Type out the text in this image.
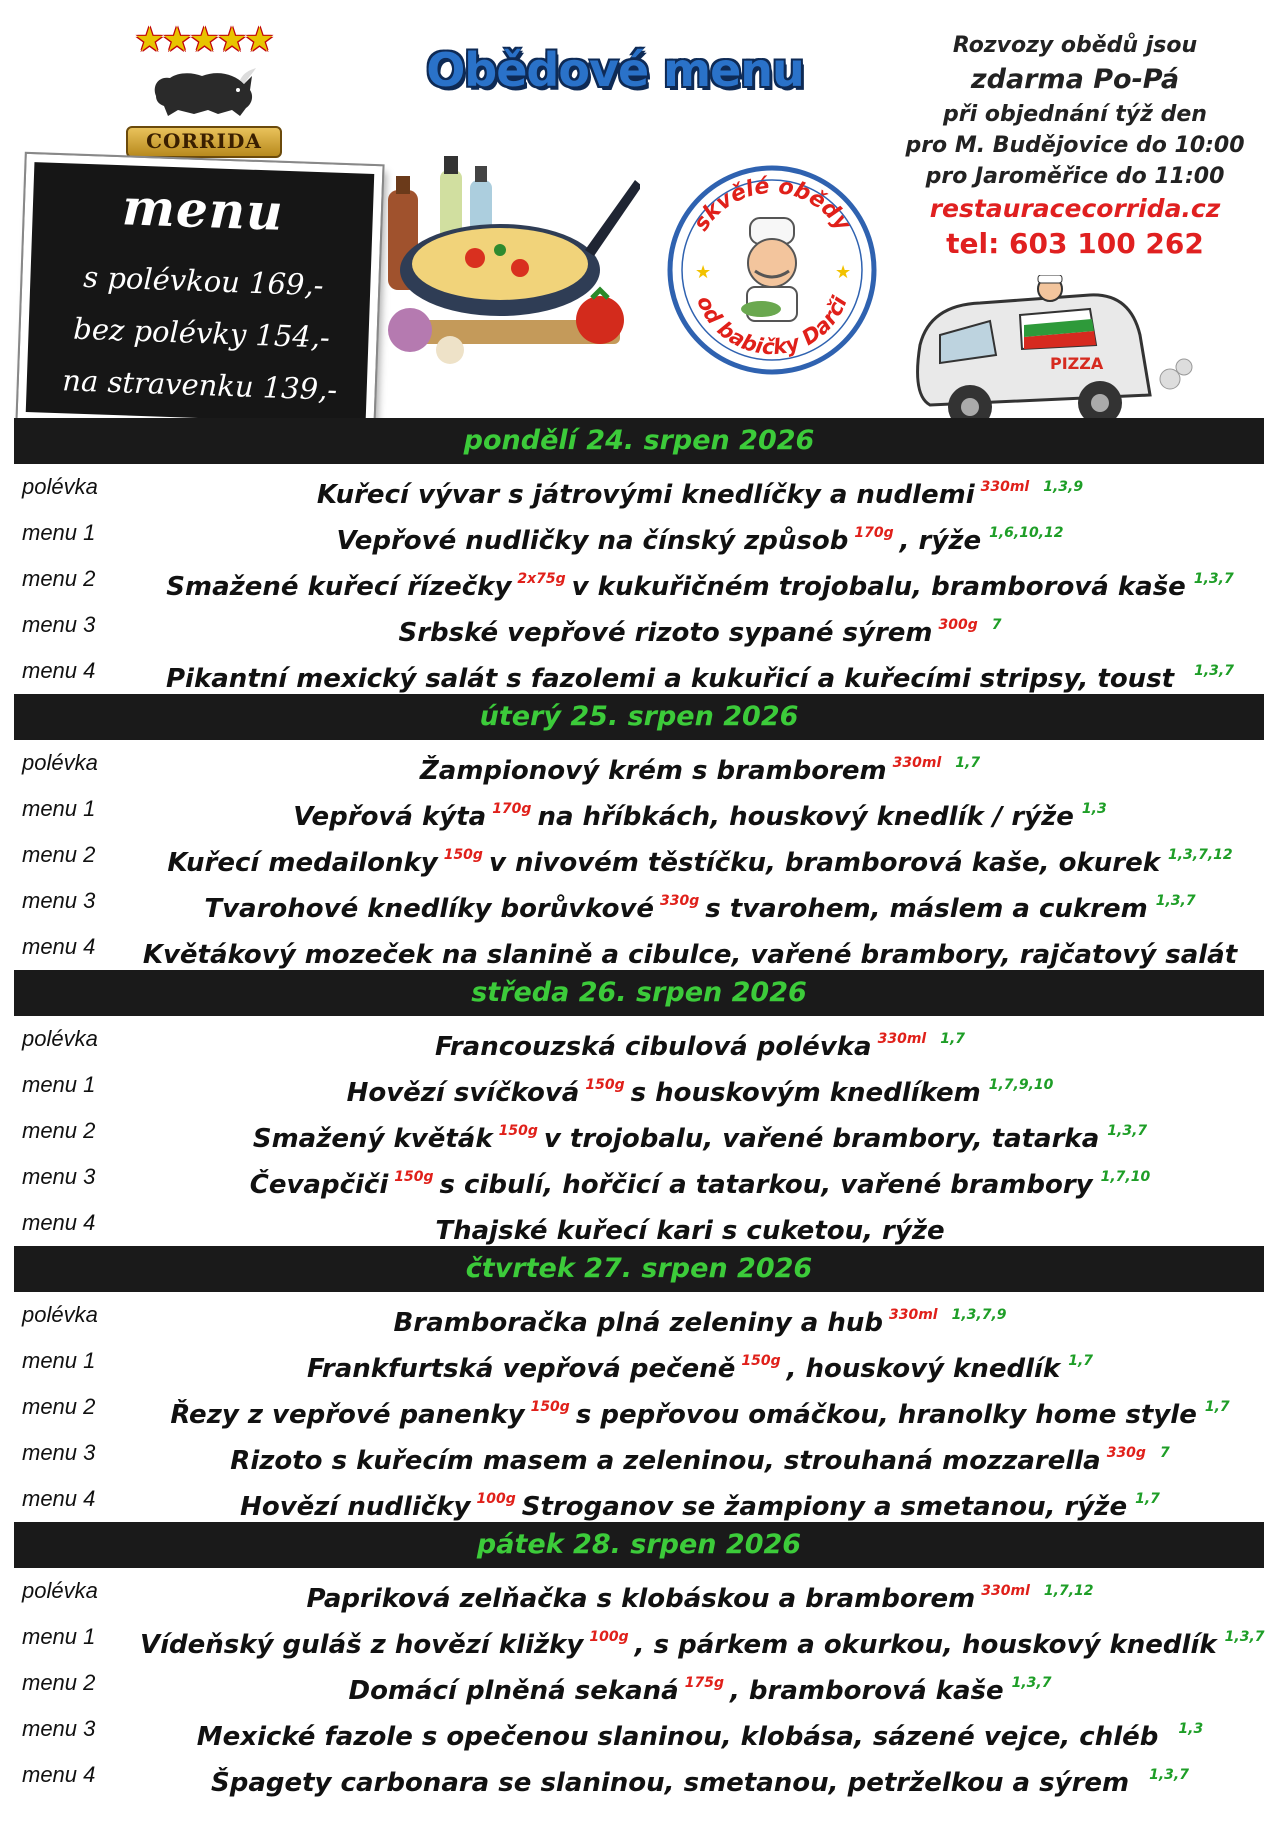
★★★★★
CORRIDA
Obědové menu	Rozvozy obědů jsou
zdarma Po-Pá
při objednání týž den
pro M. Budějovice do 10:00
pro Jaroměřice do 11:00
restauracecorrida.cz
tel: 603 100 262
menu
s polévkou 169,-
bez polévky 154,-
na stravenku 139,-
skvělé obědy
od babičky Darči
★	★
PIZZA
pondělí 24. srpen 2026
polévka	Kuřecí vývar s játrovými knedlíčky a nudlemi $^{330ml}$ $^{1,3,9}$
menu 1	Vepřové nudličky na čínský způsob $^{170g}$ , rýže $^{1,6,10,12}$
menu 2	Smažené kuřecí řízečky $^{2x75g}$ v kukuřičném trojobalu, bramborová kaše $^{1,3,7}$
menu 3	Srbské vepřové rizoto sypané sýrem $^{300g}$ $^7$
menu 4	Pikantní mexický salát s fazolemi a kukuřicí a kuřecími stripsy, toust $^{1,3,7}$
úterý 25. srpen 2026
polévka	Žampionový krém s bramborem $^{330ml}$ $^{1,7}$
menu 1	Vepřová kýta $^{170g}$ na hříbkách, houskový knedlík / rýže $^{1,3}$
menu 2	Kuřecí medailonky $^{150g}$ v nivovém těstíčku, bramborová kaše, okurek $^{1,3,7,12}$
menu 3	Tvarohové knedlíky borůvkové $^{330g}$ s tvarohem, máslem a cukrem $^{1,3,7}$
menu 4 Květákový mozeček na slanině a cibulce, vařené brambory, rajčatový salát
středa 26. srpen 2026
polévka	Francouzská cibulová polévka $^{330ml}$ $^{1,7}$
menu 1	Hovězí svíčková $^{150g}$ s houskovým knedlíkem $^{1,7,9,10}$
menu 2	Smažený květák $^{150g}$ v trojobalu, vařené brambory, tatarka $^{1,3,7}$
menu 3	Čevapčiči $^{150g}$ s cibulí, hořčicí a tatarkou, vařené brambory $^{1,7,10}$
menu 4	Thajské kuřecí kari s cuketou, rýže
čtvrtek 27. srpen 2026
polévka	Bramboračka plná zeleniny a hub $^{330ml}$ $^{1,3,7,9}$
menu 1	Frankfurtská vepřová pečeně $^{150g}$ , houskový knedlík $^{1,7}$
menu 2	Řezy z vepřové panenky $^{150g}$ s pepřovou omáčkou, hranolky home style $^{1,7}$
menu 3	Rizoto s kuřecím masem a zeleninou, strouhaná mozzarella $^{330g}$ $^7$
menu 4	Hovězí nudličky $^{100g}$ Stroganov se žampiony a smetanou, rýže $^{1,7}$
pátek 28. srpen 2026
polévka	Papriková zelňačka s klobáskou a bramborem $^{330ml}$ $^{1,7,12}$
menu 1 Vídeňský guláš z hovězí kližky $^{100g}$ , s párkem a okurkou, houskový knedlík $^{1,3,7}$
menu 2	Domácí plněná sekaná $^{175g}$ , bramborová kaše $^{1,3,7}$
menu 3	Mexické fazole s opečenou slaninou, klobása, sázené vejce, chléb $^{1,3}$
menu 4	Špagety carbonara se slaninou, smetanou, petrželkou a sýrem $^{1,3,7}$
